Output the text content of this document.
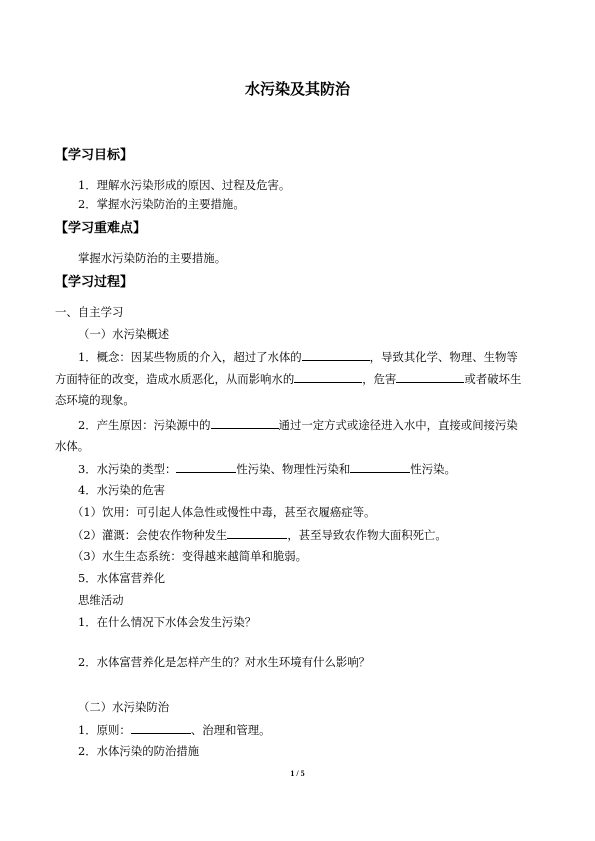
水污染及其防治
【学习目标】
1．理解水污染形成的原因、过程及危害。
2．掌握水污染防治的主要措施。
【学习重难点】
掌握水污染防治的主要措施。
【学习过程】
一、自主学习
（一）水污染概述
1．概念：因某些物质的介入，超过了水体的	，导致其化学、物理、生物等
方面特征的改变，造成水质恶化，从而影响水的	，危害	或者破坏生
态环境的现象。
2．产生原因：污染源中的	通过一定方式或途径进入水中，直接或间接污染
水体。
3．水污染的类型：	性污染、物理性污染和	性污染。
4．水污染的危害
（1）饮用：可引起人体急性或慢性中毒，甚至衣履癌症等。
（2）灌溉：会使农作物种发生	，甚至导致农作物大面积死亡。
（3）水生生态系统：变得越来越简单和脆弱。
5．水体富营养化
思维活动
1．在什么情况下水体会发生污染？
2．水体富营养化是怎样产生的？对水生环境有什么影响？
（二）水污染防治
1．原则：	、治理和管理。
2．水体污染的防治措施
1 / 5
